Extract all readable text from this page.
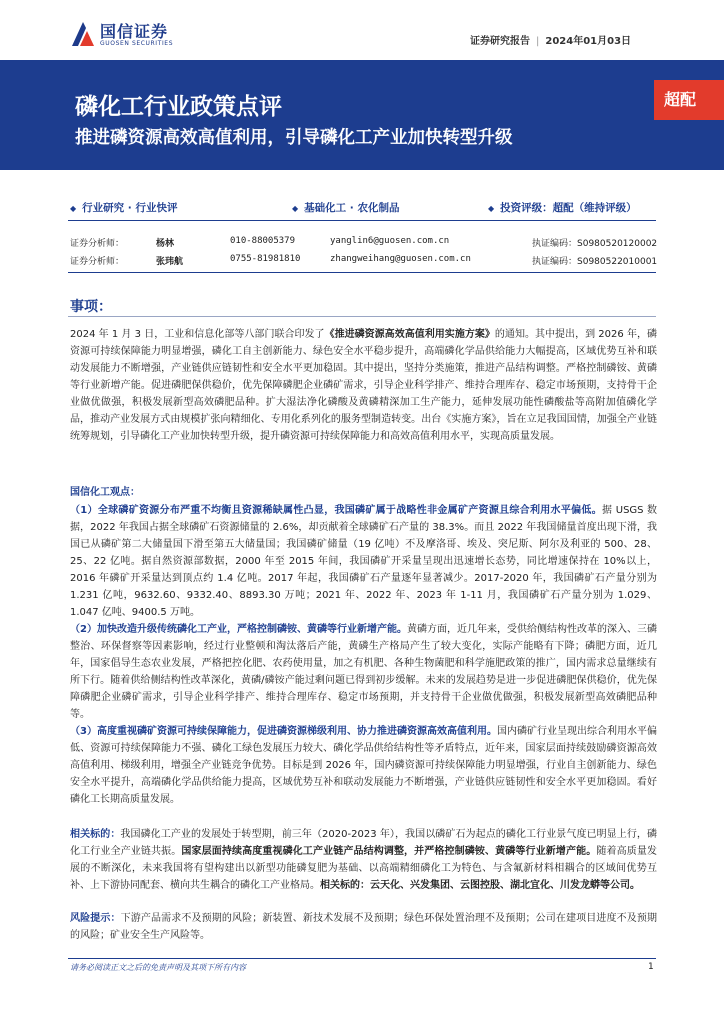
国信证券
GUOSEN SECURITIES	证券研究报告 | 2024年01月03日
磷化工行业政策点评
推进磷资源高效高值利用，引导磷化工产业加快转型升级
超配
◆ 行业研究 · 行业快评	◆ 基础化工 · 农化制品	◆ 投资评级：超配（维持评级）
证券分析师：	杨林	010-88005379	yanglin6@guosen.com.cn	执证编码：S0980520120002
证券分析师：	张玮航	0755-81981810	zhangweihang@guosen.com.cn	执证编码：S0980522010001
事项：
2024 年 1 月 3 日，工业和信息化部等八部门联合印发了《推进磷资源高效高值利用实施方案》的通知。其中提出，到 2026 年，磷资源可持续保障能力明显增强，磷化工自主创新能力、绿色安全水平稳步提升，高端磷化学品供给能力大幅提高，区域优势互补和联动发展能力不断增强，产业链供应链韧性和安全水平更加稳固。其中提出，坚持分类施策，推进产品结构调整。严格控制磷铵、黄磷等行业新增产能。促进磷肥保供稳价，优先保障磷肥企业磷矿需求，引导企业科学排产、维持合理库存、稳定市场预期，支持骨干企业做优做强，积极发展新型高效磷肥品种。扩大湿法净化磷酸及黄磷精深加工生产能力，延伸发展功能性磷酸盐等高附加值磷化学品，推动产业发展方式由规模扩张向精细化、专用化系列化的服务型制造转变。出台《实施方案》，旨在立足我国国情，加强全产业链统筹规划，引导磷化工产业加快转型升级，提升磷资源可持续保障能力和高效高值利用水平，实现高质量发展。
国信化工观点：
（1）全球磷矿资源分布严重不均衡且资源稀缺属性凸显，我国磷矿属于战略性非金属矿产资源且综合利用水平偏低。据 USGS 数据，2022 年我国占据全球磷矿石资源储量的 2.6%，却贡献着全球磷矿石产量的 38.3%。而且 2022 年我国储量首度出现下滑，我国已从磷矿第二大储量国下滑至第五大储量国；我国磷矿储量（19 亿吨）不及摩洛哥、埃及、突尼斯、阿尔及利亚的 500、28、25、22 亿吨。据自然资源部数据，2000 年至 2015 年间，我国磷矿开采量呈现出迅速增长态势，同比增速保持在 10%以上，2016 年磷矿开采量达到顶点约 1.4 亿吨。2017 年起，我国磷矿石产量逐年显著减少。2017-2020 年，我国磷矿石产量分别为 1.231 亿吨，9632.60、9332.40、8893.30 万吨；2021 年、2022 年、2023 年 1-11 月，我国磷矿石产量分别为 1.029、1.047 亿吨、9400.5 万吨。
（2）加快改造升级传统磷化工产业，严格控制磷铵、黄磷等行业新增产能。黄磷方面，近几年来，受供给侧结构性改革的深入、三磷整治、环保督察等因素影响，经过行业整顿和淘汰落后产能，黄磷生产格局产生了较大变化，实际产能略有下降；磷肥方面，近几年，国家倡导生态农业发展，严格把控化肥、农药使用量，加之有机肥、各种生物菌肥和科学施肥政策的推广，国内需求总量继续有所下行。随着供给侧结构性改革深化，黄磷/磷铵产能过剩问题已得到初步缓解。未来的发展趋势是进一步促进磷肥保供稳价，优先保障磷肥企业磷矿需求，引导企业科学排产、维持合理库存、稳定市场预期，并支持骨干企业做优做强，积极发展新型高效磷肥品种等。
（3）高度重视磷矿资源可持续保障能力，促进磷资源梯级利用、协力推进磷资源高效高值利用。国内磷矿行业呈现出综合利用水平偏低、资源可持续保障能力不强、磷化工绿色发展压力较大、磷化学品供给结构性等矛盾特点，近年来，国家层面持续鼓励磷资源高效高值利用、梯级利用，增强全产业链竞争优势。目标是到 2026 年，国内磷资源可持续保障能力明显增强，行业自主创新能力、绿色安全水平提升，高端磷化学品供给能力提高，区域优势互补和联动发展能力不断增强，产业链供应链韧性和安全水平更加稳固。看好磷化工长期高质量发展。
相关标的：我国磷化工产业的发展处于转型期，前三年（2020-2023 年），我国以磷矿石为起点的磷化工行业景气度已明显上行，磷化工行业全产业链共振。国家层面持续高度重视磷化工产业链产品结构调整，并严格控制磷铵、黄磷等行业新增产能。随着高质量发展的不断深化，未来我国将有望构建出以新型功能磷复肥为基础、以高端精细磷化工为特色、与含氟新材料相耦合的区域间优势互补、上下游协同配套、横向共生耦合的磷化工产业格局。相关标的：云天化、兴发集团、云图控股、湖北宜化、川发龙蟒等公司。
风险提示：下游产品需求不及预期的风险；新装置、新技术发展不及预期；绿色环保处置治理不及预期；公司在建项目进度不及预期的风险；矿业安全生产风险等。
请务必阅读正文之后的免责声明及其项下所有内容	1
